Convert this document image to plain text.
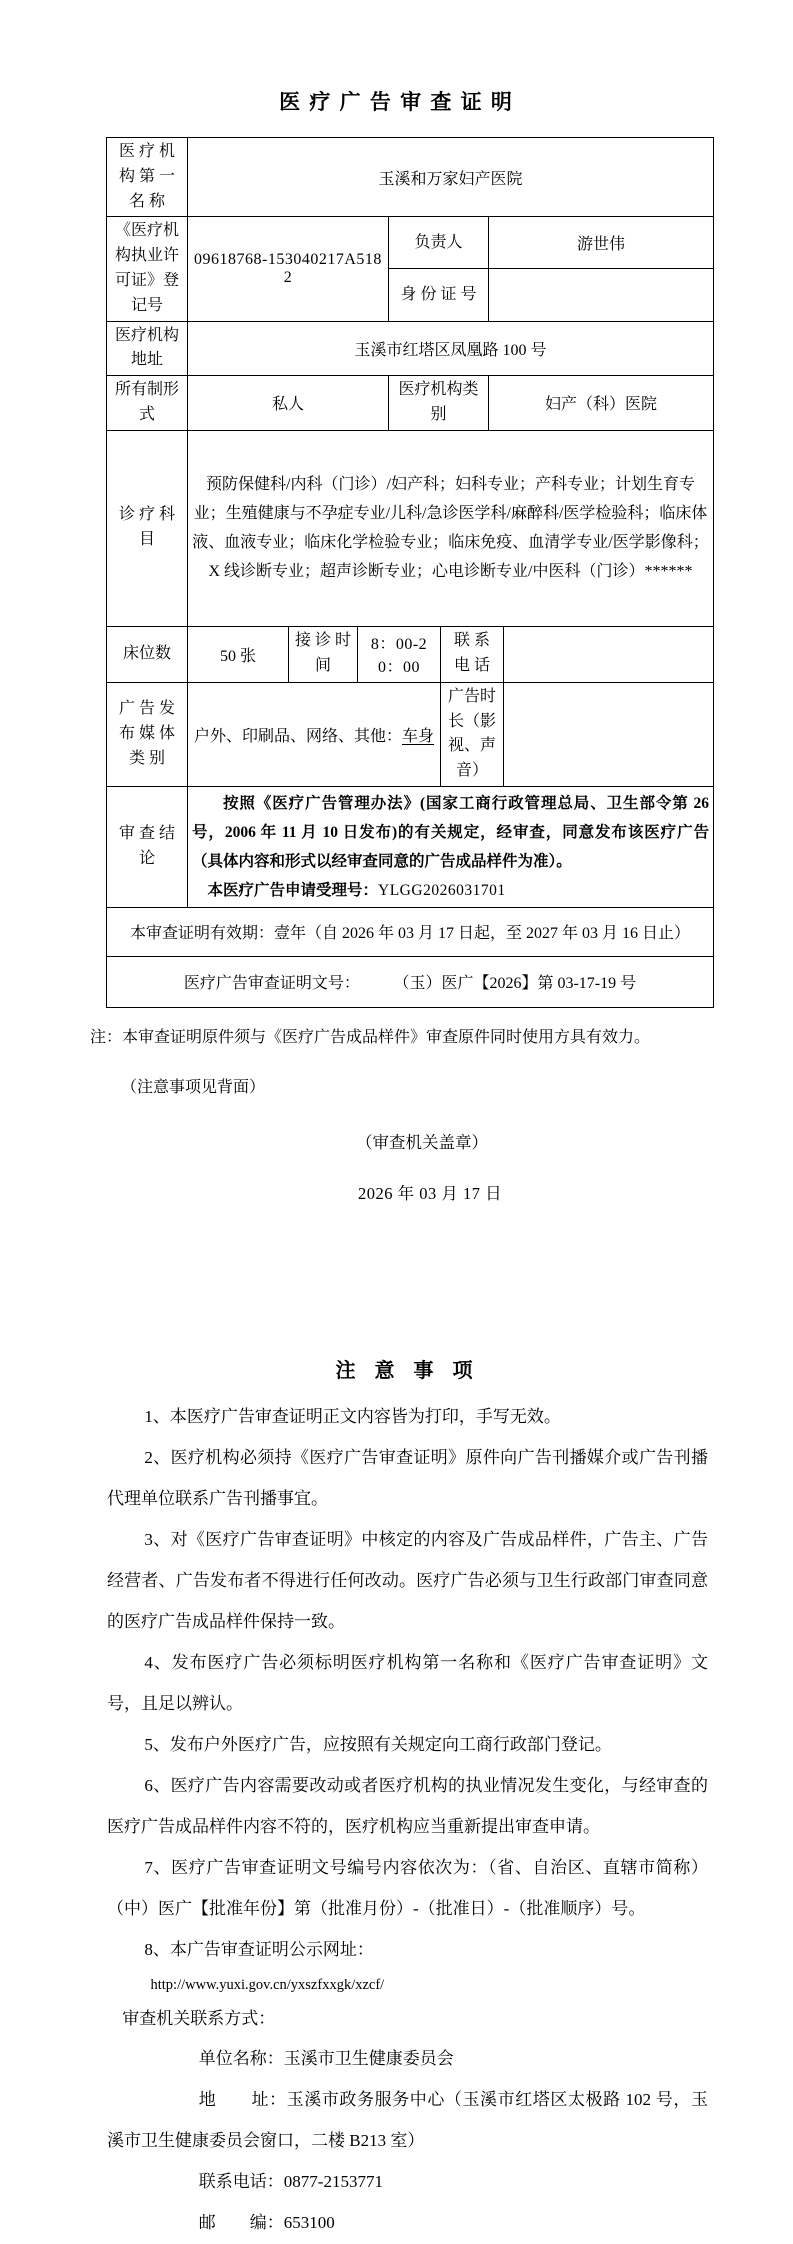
医 疗 广 告 审 查 证 明
医 疗 机 构 第 一 名 称	玉溪和万家妇产医院						
《医疗机构执业许可证》登记号	09618768-153040217A5182			负责人		游世伟	
				身 份 证 号			
医疗机构地址	玉溪市红塔区凤凰路 100 号						
所有制形式	私人			医疗机构类别		妇产（科）医院	
诊 疗 科 目	预防保健科/内科（门诊）/妇产科；妇科专业；产科专业；计划生育专业；生殖健康与不孕症专业/儿科/急诊医学科/麻醉科/医学检验科；临床体液、血液专业；临床化学检验专业；临床免疫、血清学专业/医学影像科；X 线诊断专业；超声诊断专业；心电诊断专业/中医科（门诊）******						
床位数	50 张	接 诊 时 间	8：00-20：00		联 系 电 话		
广 告 发 布 媒 体 类 别	户外、印刷品、网络、其他：车身				广告时长（影视、声音）		
审 查 结 论	按照《医疗广告管理办法》(国家工商行政管理总局、卫生部令第 26 号，2006 年 11 月 10 日发布)的有关规定，经审查，同意发布该医疗广告（具体内容和形式以经审查同意的广告成品样件为准）。

本医疗广告申请受理号：YLGG2026031701						

本审查证明有效期：壹年（自 2026 年 03 月 17 日起，至 2027 年 03 月 16 日止）							
医疗广告审查证明文号： （玉）医广【2026】第 03-17-19 号							
注：本审查证明原件须与《医疗广告成品样件》审查原件同时使用方具有效力。
（注意事项见背面）
（审查机关盖章）
2026 年 03 月 17 日
注 意 事 项

1、本医疗广告审查证明正文内容皆为打印，手写无效。

2、医疗机构必须持《医疗广告审查证明》原件向广告刊播媒介或广告刊播代理单位联系广告刊播事宜。

3、对《医疗广告审查证明》中核定的内容及广告成品样件，广告主、广告经营者、广告发布者不得进行任何改动。医疗广告必须与卫生行政部门审查同意的医疗广告成品样件保持一致。

4、发布医疗广告必须标明医疗机构第一名称和《医疗广告审查证明》文号，且足以辨认。

5、发布户外医疗广告，应按照有关规定向工商行政部门登记。

6、医疗广告内容需要改动或者医疗机构的执业情况发生变化，与经审查的医疗广告成品样件内容不符的，医疗机构应当重新提出审查申请。

7、医疗广告审查证明文号编号内容依次为：（省、自治区、直辖市简称）（中）医广【批准年份】第（批准月份）-（批准日）-（批准顺序）号。

8、本广告审查证明公示网址：

http://www.yuxi.gov.cn/yxszfxxgk/xzcf/

审查机关联系方式：

单位名称：玉溪市卫生健康委员会

地　　址：玉溪市政务服务中心（玉溪市红塔区太极路 102 号，玉溪市卫生健康委员会窗口，二楼 B213 室）

联系电话：0877-2153771

邮　　编：653100
